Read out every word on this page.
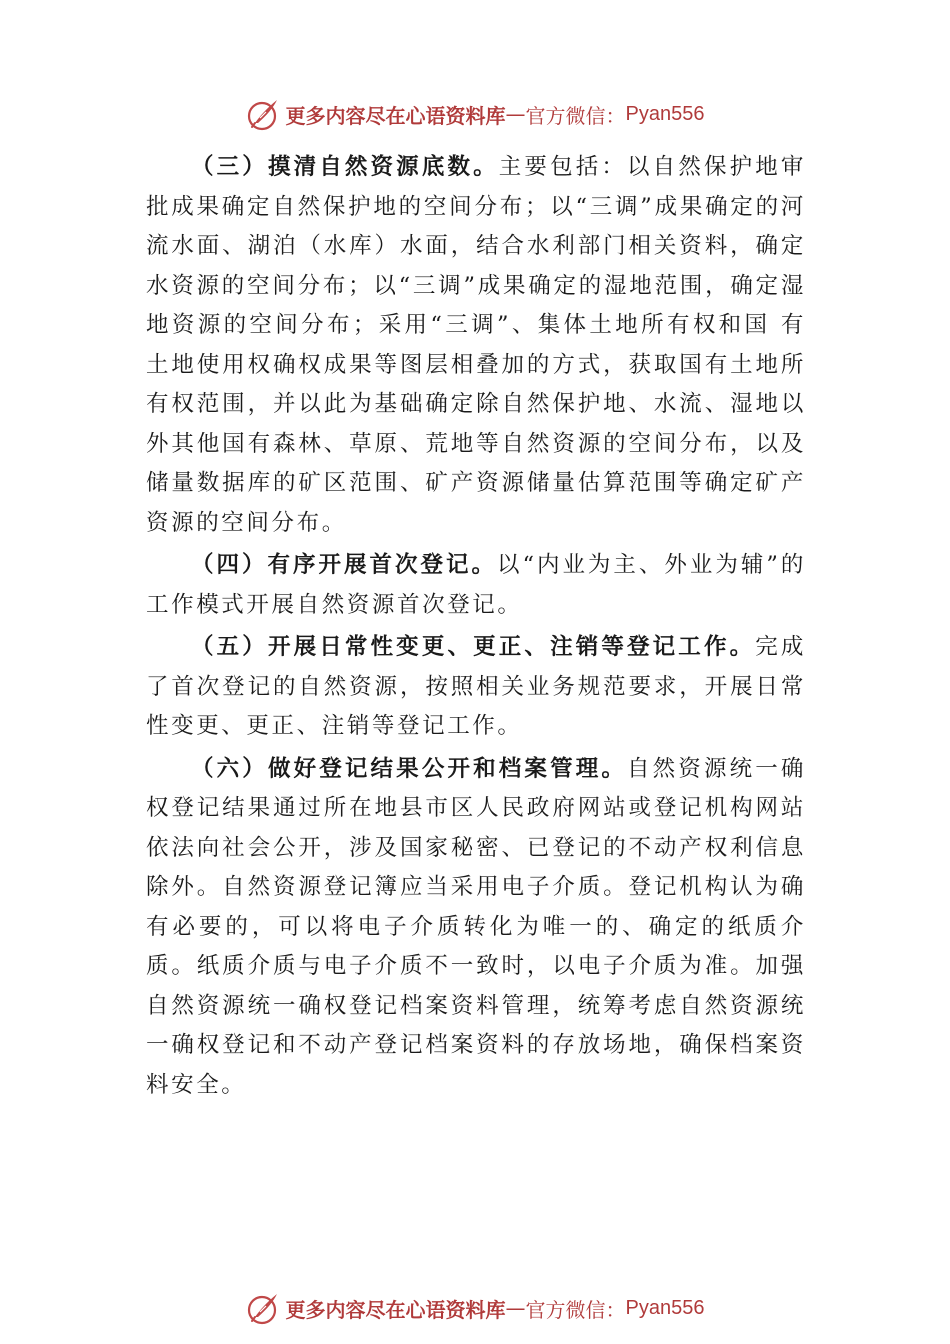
更多内容尽在心语资料库 — 官方微信： Pyan556

（三）摸清自然资源底数。主要包括：以自然保护地审批成果确定自然保护地的空间分布；以“三调”成果确定的河流水面、湖泊（水库）水面，结合水利部门相关资料，确定水资源的空间分布；以“三调”成果确定的湿地范围，确定湿地资源的空间分布；采用“三调”、集体土地所有权和国 有土地使用权确权成果等图层相叠加的方式，获取国有土地所有权范围，并以此为基础确定除自然保护地、水流、湿地以外其他国有森林、草原、荒地等自然资源的空间分布，以及储量数据库的矿区范围、矿产资源储量估算范围等确定矿产资源的空间分布。

（四）有序开展首次登记。以“内业为主、外业为辅”的工作模式开展自然资源首次登记。

（五）开展日常性变更、更正、注销等登记工作。完成了首次登记的自然资源，按照相关业务规范要求，开展日常性变更、更正、注销等登记工作。

（六）做好登记结果公开和档案管理。自然资源统一确权登记结果通过所在地县市区人民政府网站或登记机构网站依法向社会公开，涉及国家秘密、已登记的不动产权利信息除外。自然资源登记簿应当采用电子介质。登记机构认为确有必要的，可以将电子介质转化为唯一的、确定的纸质介质。纸质介质与电子介质不一致时，以电子介质为准。加强自然资源统一确权登记档案资料管理，统筹考虑自然资源统一确权登记和不动产登记档案资料的存放场地，确保档案资料安全。

更多内容尽在心语资料库 — 官方微信： Pyan556
